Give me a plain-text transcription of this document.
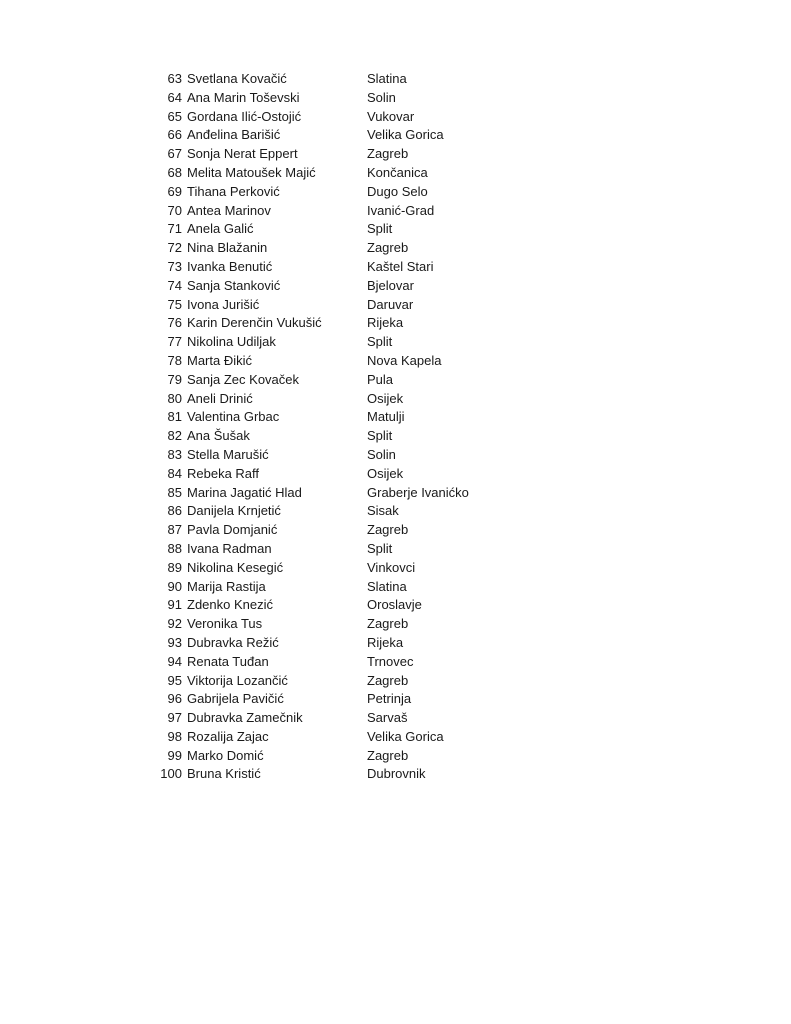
63 Svetlana Kovačić	Slatina
64 Ana Marin Toševski	Solin
65 Gordana Ilić-Ostojić	Vukovar
66 Anđelina Barišić	Velika Gorica
67 Sonja Nerat Eppert	Zagreb
68 Melita Matoušek Majić	Končanica
69 Tihana Perković	Dugo Selo
70 Antea Marinov	Ivanić-Grad
71 Anela Galić	Split
72 Nina Blažanin	Zagreb
73 Ivanka Benutić	Kaštel Stari
74 Sanja Stanković	Bjelovar
75 Ivona Jurišić	Daruvar
76 Karin Derenčin Vukušić	Rijeka
77 Nikolina Udiljak	Split
78 Marta Đikić	Nova Kapela
79 Sanja Zec Kovaček	Pula
80 Aneli Drinić	Osijek
81 Valentina Grbac	Matulji
82 Ana Šušak	Split
83 Stella Marušić	Solin
84 Rebeka Raff	Osijek
85 Marina Jagatić Hlad	Graberje Ivanićko
86 Danijela Krnjetić	Sisak
87 Pavla Domjanić	Zagreb
88 Ivana Radman	Split
89 Nikolina Kesegić	Vinkovci
90 Marija Rastija	Slatina
91 Zdenko Knezić	Oroslavje
92 Veronika Tus	Zagreb
93 Dubravka Režić	Rijeka
94 Renata Tuđan	Trnovec
95 Viktorija Lozančić	Zagreb
96 Gabrijela Pavičić	Petrinja
97 Dubravka Zamečnik	Sarvaš
98 Rozalija Zajac	Velika Gorica
99 Marko Domić	Zagreb
100 Bruna Kristić	Dubrovnik
